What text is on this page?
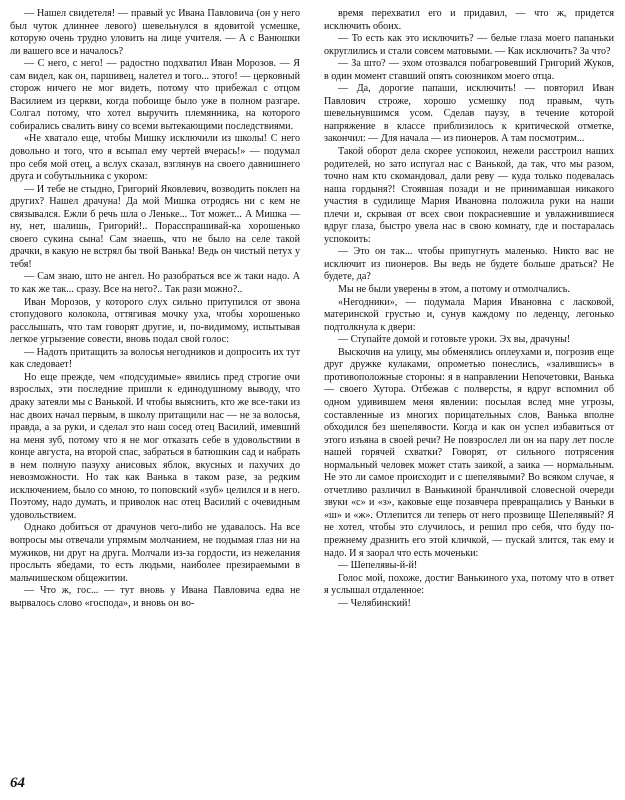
— Нашел свидетеля! — правый ус Ивана Павловича (он у него был чуток длиннее левого) шевельнулся в ядовитой усмешке, которую очень трудно уловить на лице учителя. — А с Ванюшки ли вашего все и началось?

— С него, с него! — радостно подхватил Иван Морозов. — Я сам видел, как он, паршивец, налетел и того... этого! — церковный сторож ничего не мог видеть, потому что прибежал с отцом Василием из церкви, когда побоище было уже в полном разгаре. Солгал потому, что хотел выручить племянника, на которого собирались свалить вину со всеми вытекающими последствиями.

«Не хватало еще, чтобы Мишку исключили из школы! С него довольно и того, что я всыпал ему чертей вчерась!» — подумал про себя мой отец, а вслух сказал, взглянув на своего давнишнего друга и собутыльника с укором:

— И тебе не стыдно, Григорий Яковлевич, возводить поклеп на других? Нашел драчуна! Да мой Мишка отродясь ни с кем не связывался. Ежли б речь шла о Леньке... Тот может... А Мишка — ну, нет, шалишь, Григорий!.. Порасспрашивай-ка хорошенько своего сукина сына! Сам знаешь, что не было на селе такой драчки, в какую не встрял бы твой Ванька! Ведь он чистый петух у тебя!

— Сам знаю, што не ангел. Но разобраться все ж таки надо. А то как же так... сразу. Все на него?.. Так рази можно?..

Иван Морозов, у которого слух сильно притупился от звона стопудового колокола, оттягивая мочку уха, чтобы хорошенько расслышать, что там говорят другие, и, по-видимому, испытывая легкое угрызение совести, вновь подал свой голос:

— Надоть притащить за волосья негодников и допросить их тут как следовает!

Но еще прежде, чем «подсудимые» явились пред строгие очи взрослых, эти последние пришли к единодушному выводу, что драку затеяли мы с Ванькой. И чтобы выяснить, кто же все-таки из нас двоих начал первым, в школу притащили нас — не за волосья, правда, а за руки, и сделал это наш соcед отец Василий, имевший на меня зуб, потому что я не мог отказать себе в удовольствии в конце августа, на второй спас, забраться в батюшкин сад и набрать в нем полную пазуху анисовых яблок, вкусных и пахучих до невозможности. Но так как Ванька в таком разе, за редким исключением, было со мною, то поповский «зуб» целился и в него. Поэтому, надо думать, и приволок нас отец Василий с очевидным удовольствием.

Однако добиться от драчунов чего-либо не удавалось. На все вопросы мы отвечали упрямым молчанием, не подымая глаз ни на мужиков, ни друг на друга. Молчали из-за гордости, из нежелания прослыть ябедами, то есть людьми, наиболее презираемыми в мальчишеском общежитии.

— Что ж, гос... — тут вновь у Ивана Павловича едва не вырвалось слово «господа», и вновь он во-

время перехватил его и придавил, — что ж, придется исключить обоих.

— То есть как это исключить? — белые глаза моего папаньки округлились и стали совсем матовыми. — Как исключить? За что?

— За што? — эхом отозвался побагровевший Григорий Жуков, в один момент ставший опять союзником моего отца.

— Да, дорогие папаши, исключить! — повторил Иван Павлович строже, хорошо усмешку под правым, чуть шевельнувшимся усом. Сделав паузу, в течение которой напряжение в классе приблизилось к критической отметке, закончил: — Для начала — из пионеров. А там посмотрим...

Такой оборот дела скорее успокоил, нежели расстроил наших родителей, но зато испугал нас с Ванькой, да так, что мы разом, точно нам кто скомандовал, дали реву — куда только подевалась наша гордыня?! Стоявшая позади и не принимавшая никакого участия в судилище Мария Ивановна положила руки на наши плечи и, скрывая от всех свои покрасневшие и увлажнившиеся вдруг глаза, быстро увела нас в свою комнату, где и постаралась успокоить:

— Это он так... чтобы припугнуть маленько. Никто вас не исключит из пионеров. Вы ведь не будете больше драться? Не будете, да?

Мы не были уверены в этом, а потому и отмолчались.

«Негодники», — подумала Мария Ивановна с ласковой, материнской грустью и, сунув каждому по леденцу, легонько подтолкнула к двери:

— Ступайте домой и готовьте уроки. Эх вы, драчуны!

Выскочив на улицу, мы обменялись оплеухами и, погрозив еще друг дружке кулаками, опрометью понеслись, «залившись» в противоположные стороны: я в направлении Непочетовки, Ванька — своего Хутора. Отбежав с полверсты, я вдруг вспомнил об одном удивившем меня явлении: посылая вслед мне угрозы, составленные из многих порицательных слов, Ванька вполне обходился без шепелявости. Когда и как он успел избавиться от этого изъяна в своей речи? Не повзрослел ли он на пару лет после нашей горячей схватки? Говорят, от сильного потрясения нормальный человек может стать заикой, а заика — нормальным. Не это ли самое происходит и с шепелявыми? Во всяком случае, я отчетливо различил в Ванькиной бранчливой словесной очереди звуки «с» и «з», каковые еще позавчера превращались у Ваньки в «ш» и «ж». Отлепится ли теперь от него прозвище Шепелявый? Я не хотел, чтобы это случилось, и решил про себя, что буду по-прежнему дразнить его этой кличкой, — пускай злится, так ему и надо. И я заорал что есть моченьки:

— Шепелявы-й-й!

Голос мой, похоже, достиг Ванькиного уха, потому что в ответ я услышал отдаленное:

— Челябинский!

64
